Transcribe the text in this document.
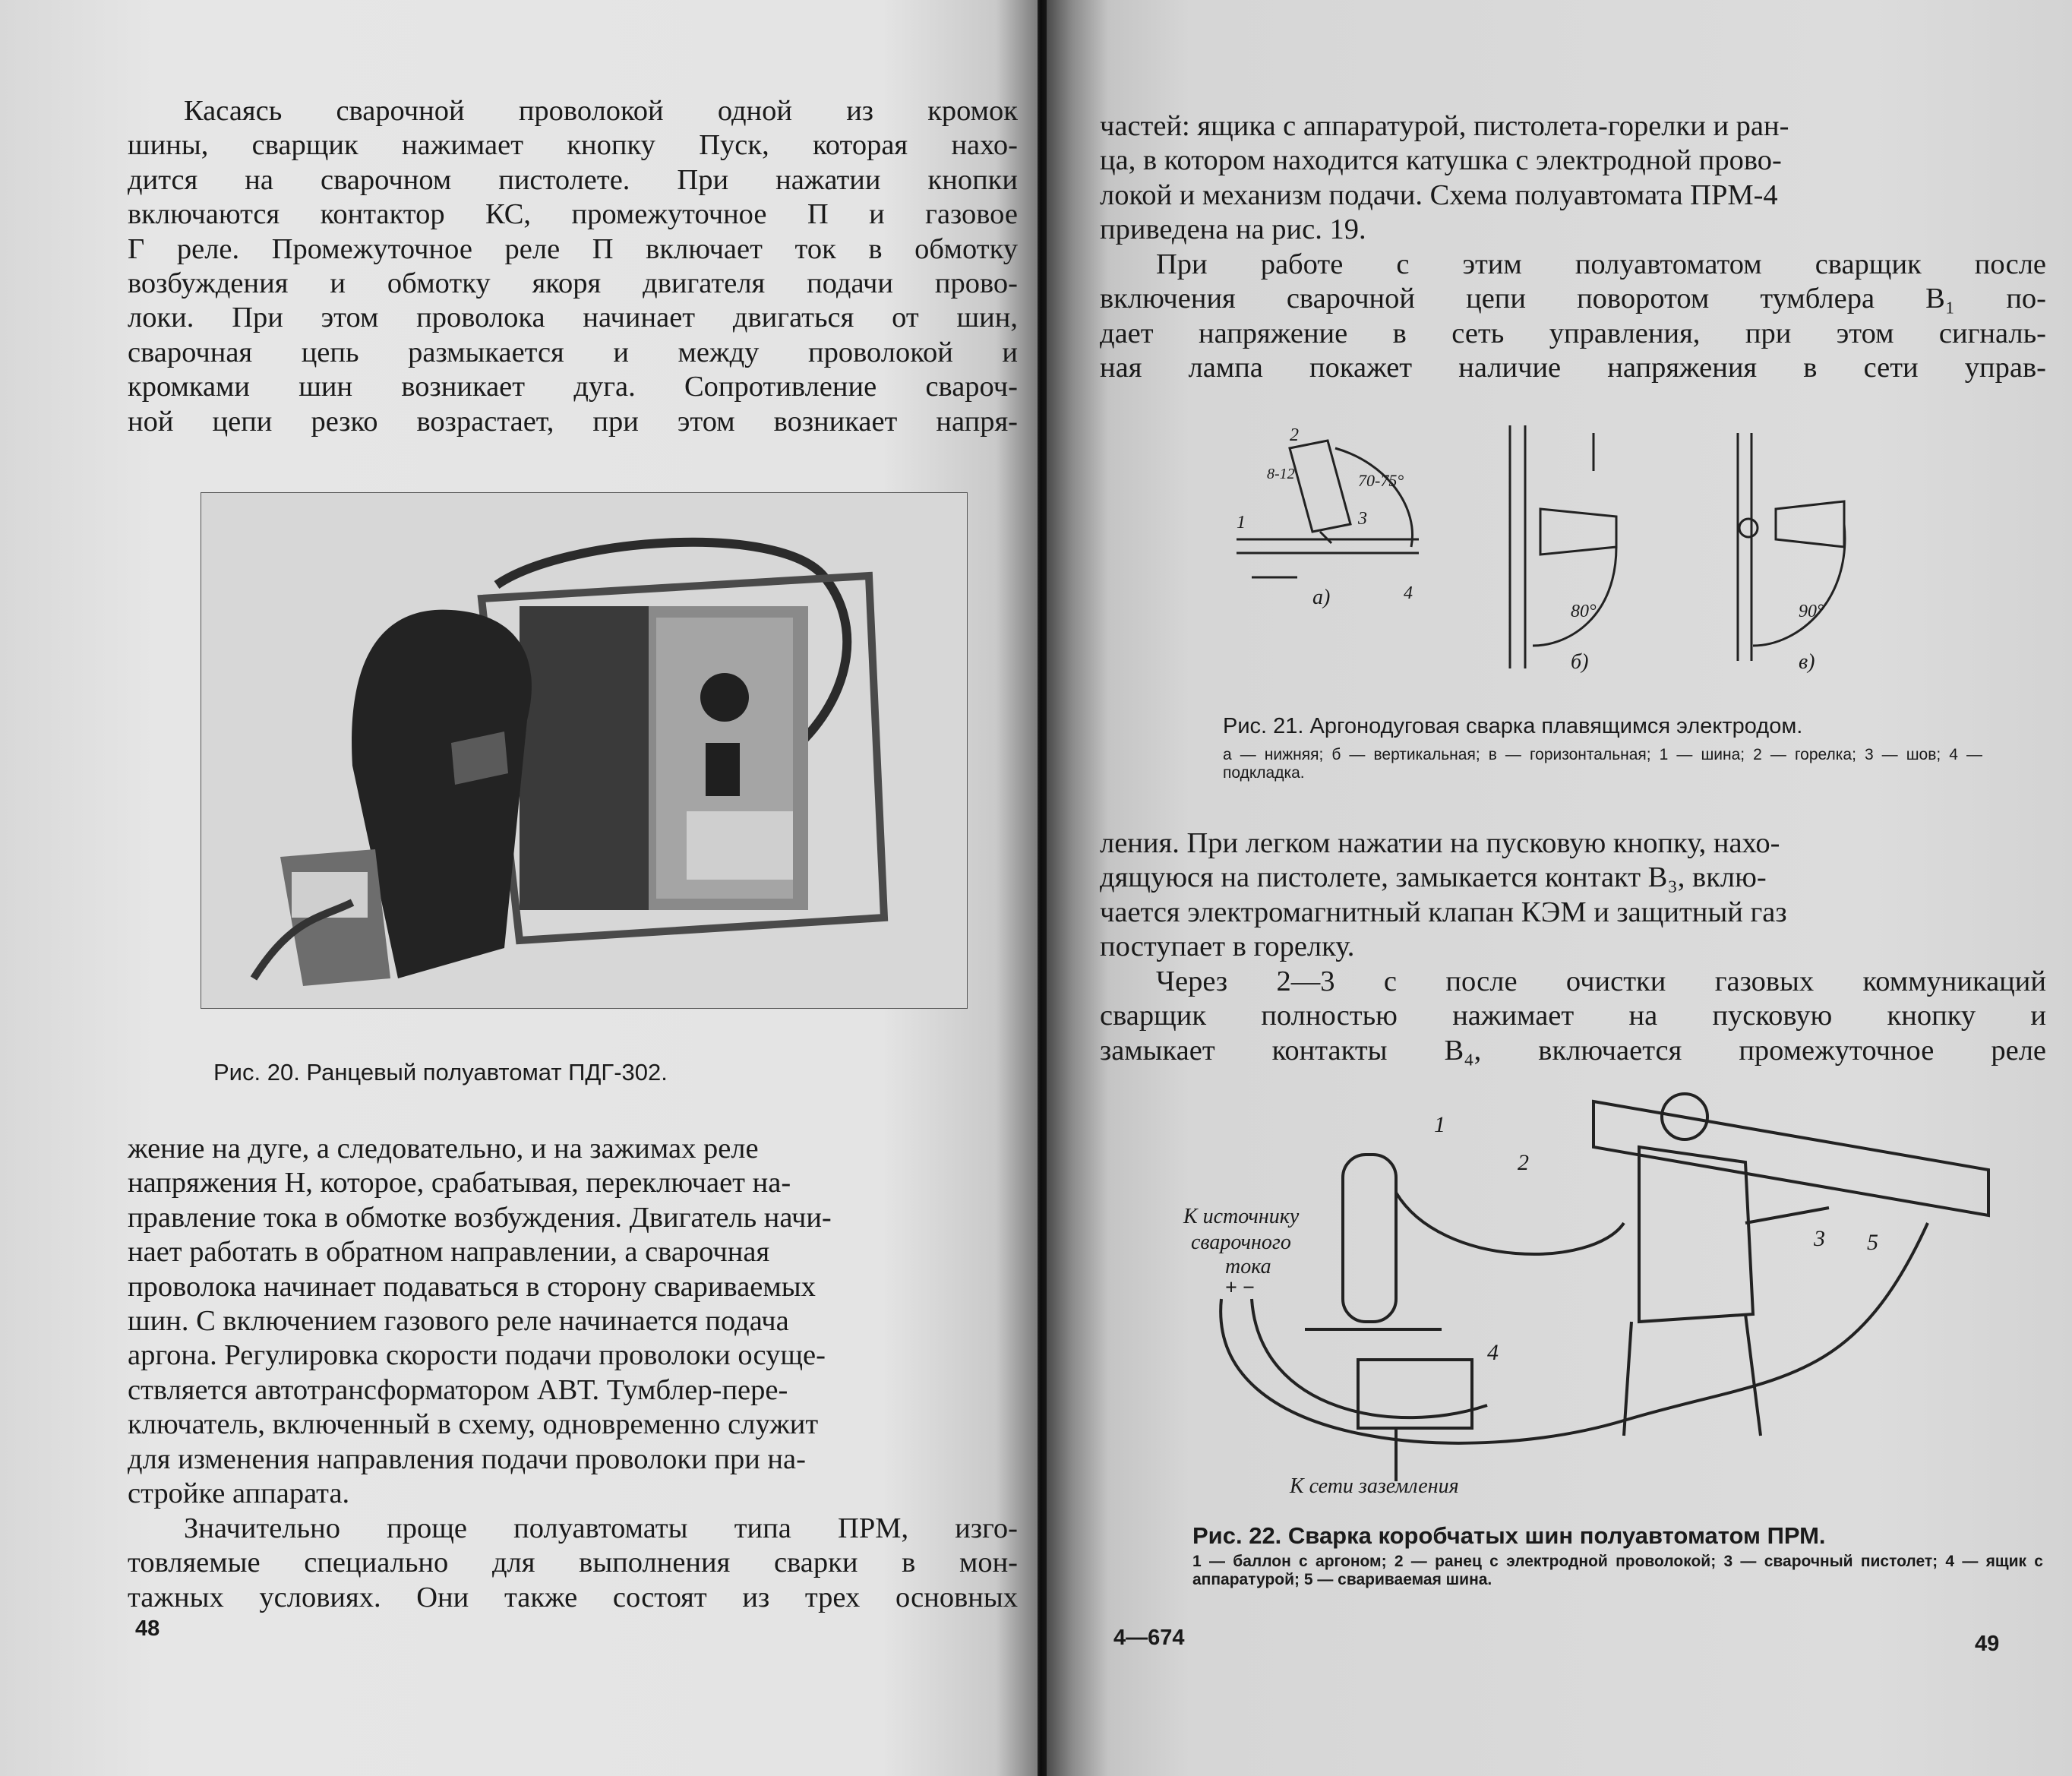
Касаясь сварочной проволокой одной из кромок

шины, сварщик нажимает кнопку Пуск, которая нахо-

дится на сварочном пистолете. При нажатии кнопки

включаются контактор КС, промежуточное П и газовое

Г реле. Промежуточное реле П включает ток в обмотку

возбуждения и обмотку якоря двигателя подачи прово-

локи. При этом проволока начинает двигаться от шин,

сварочная цепь размыкается и между проволокой и

кромками шин возникает дуга. Сопротивление свароч-

ной цепи резко возрастает, при этом возникает напря-

Рис. 20. Ранцевый полуавтомат ПДГ-302.

жение на дуге, а следовательно, и на зажимах реле

напряжения Н, которое, срабатывая, переключает на-

правление тока в обмотке возбуждения. Двигатель начи-

нает работать в обратном направлении, а сварочная

проволока начинает подаваться в сторону свариваемых

шин. С включением газового реле начинается подача

аргона. Регулировка скорости подачи проволоки осуще-

ствляется автотрансформатором АВТ. Тумблер-пере-

ключатель, включенный в схему, одновременно служит

для изменения направления подачи проволоки при на-

стройке аппарата.

Значительно проще полуавтоматы типа ПРМ, изго-

товляемые специально для выполнения сварки в мон-

тажных условиях. Они также состоят из трех основных

48

частей: ящика с аппаратурой, пистолета-горелки и ран-

ца, в котором находится катушка с электродной прово-

локой и механизм подачи. Схема полуавтомата ПРМ-4

приведена на рис. 19.

При работе с этим полуавтоматом сварщик после

включения сварочной цепи поворотом тумблера В₁ по-

дает напряжение в сеть управления, при этом сигналь-

ная лампа покажет наличие напряжения в сети управ-

а)
б)	в)
70-75°
80°	90°
8-12
1
2
3
4
Рис. 21. Аргонодуговая сварка плавящимся электродом.
а — нижняя; б — вертикальная; в — горизонтальная; 1 — шина; 2 — горелка; 3 — шов; 4 — подкладка.

ления. При легком нажатии на пусковую кнопку, нахо-

дящуюся на пистолете, замыкается контакт В₃, вклю-

чается электромагнитный клапан КЭМ и защитный газ

поступает в горелку.

Через 2—3 с после очистки газовых коммуникаций

сварщик полностью нажимает на пусковую кнопку и

замыкает контакты В₄, включается промежуточное реле

К источнику
сварочного
тока
+ −
К сети заземления
1
2
3
4
5
Рис. 22. Сварка коробчатых шин полуавтоматом ПРМ.
1 — баллон с аргоном; 2 — ранец с электродной проволокой; 3 — сварочный пистолет; 4 — ящик с аппаратурой; 5 — свариваемая шина.
4—674	49
